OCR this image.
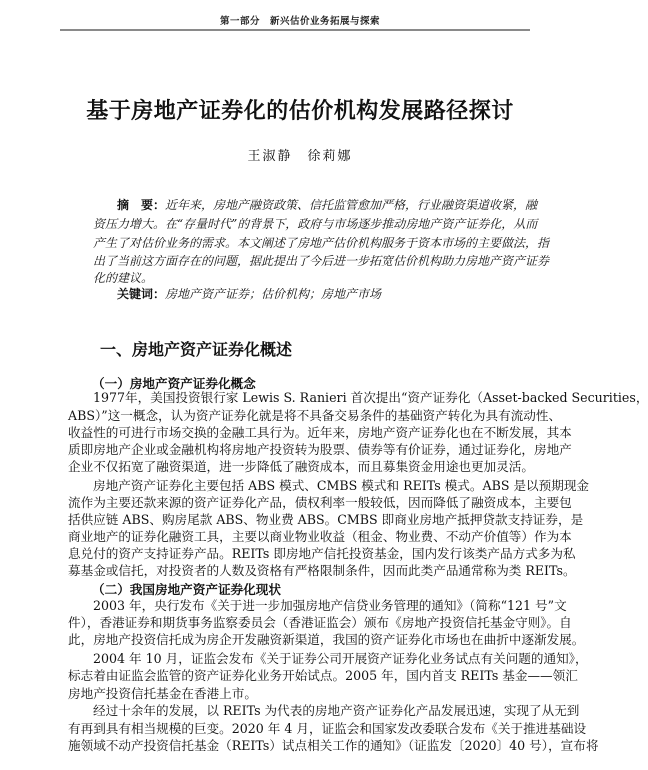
第一部分　新兴估价业务拓展与探索
基于房地产证券化的估价机构发展路径探讨
王淑静　徐莉娜
摘　要：近年来，房地产融资政策、信托监管愈加严格，行业融资渠道收紧，融
资压力增大。在“存量时代”的背景下，政府与市场逐步推动房地产资产证券化，从而
产生了对估价业务的需求。本文阐述了房地产估价机构服务于资本市场的主要做法，指
出了当前这方面存在的问题，据此提出了今后进一步拓宽估价机构助力房地产资产证券
化的建议。
关键词：房地产资产证券；估价机构；房地产市场
一、房地产资产证券化概述
（一）房地产资产证券化概念
1977年，美国投资银行家 Lewis S. Ranieri 首次提出“资产证券化（Asset-backed Securities，
ABS）”这一概念，认为资产证券化就是将不具备交易条件的基础资产转化为具有流动性、
收益性的可进行市场交换的金融工具行为。近年来，房地产资产证券化也在不断发展，其本
质即房地产企业或金融机构将房地产投资转为股票、债券等有价证券，通过证券化，房地产
企业不仅拓宽了融资渠道，进一步降低了融资成本，而且募集资金用途也更加灵活。
房地产资产证券化主要包括 ABS 模式、CMBS 模式和 REITs 模式。ABS 是以预期现金
流作为主要还款来源的资产证券化产品，债权利率一般较低，因而降低了融资成本，主要包
括供应链 ABS、购房尾款 ABS、物业费 ABS。CMBS 即商业房地产抵押贷款支持证券，是
商业地产的证券化融资工具，主要以商业物业收益（租金、物业费、不动产价值等）作为本
息兑付的资产支持证券产品。REITs 即房地产信托投资基金，国内发行该类产品方式多为私
募基金或信托，对投资者的人数及资格有严格限制条件，因而此类产品通常称为类 REITs。
（二）我国房地产资产证券化现状
2003 年，央行发布《关于进一步加强房地产信贷业务管理的通知》（简称“121 号”文
件），香港证券和期货事务监察委员会（香港证监会）颁布《房地产投资信托基金守则》。自
此，房地产投资信托成为房企开发融资新渠道，我国的资产证券化市场也在曲折中逐渐发展。
2004 年 10 月，证监会发布《关于证券公司开展资产证券化业务试点有关问题的通知》，
标志着由证监会监管的资产证券化业务开始试点。2005 年，国内首支 REITs 基金——领汇
房地产投资信托基金在香港上市。
经过十余年的发展，以 REITs 为代表的房地产资产证券化产品发展迅速，实现了从无到
有再到具有相当规模的巨变。2020 年 4 月，证监会和国家发改委联合发布《关于推进基础设
施领域不动产投资信托基金（REITs）试点相关工作的通知》（证监发〔2020〕40 号），宣布将
